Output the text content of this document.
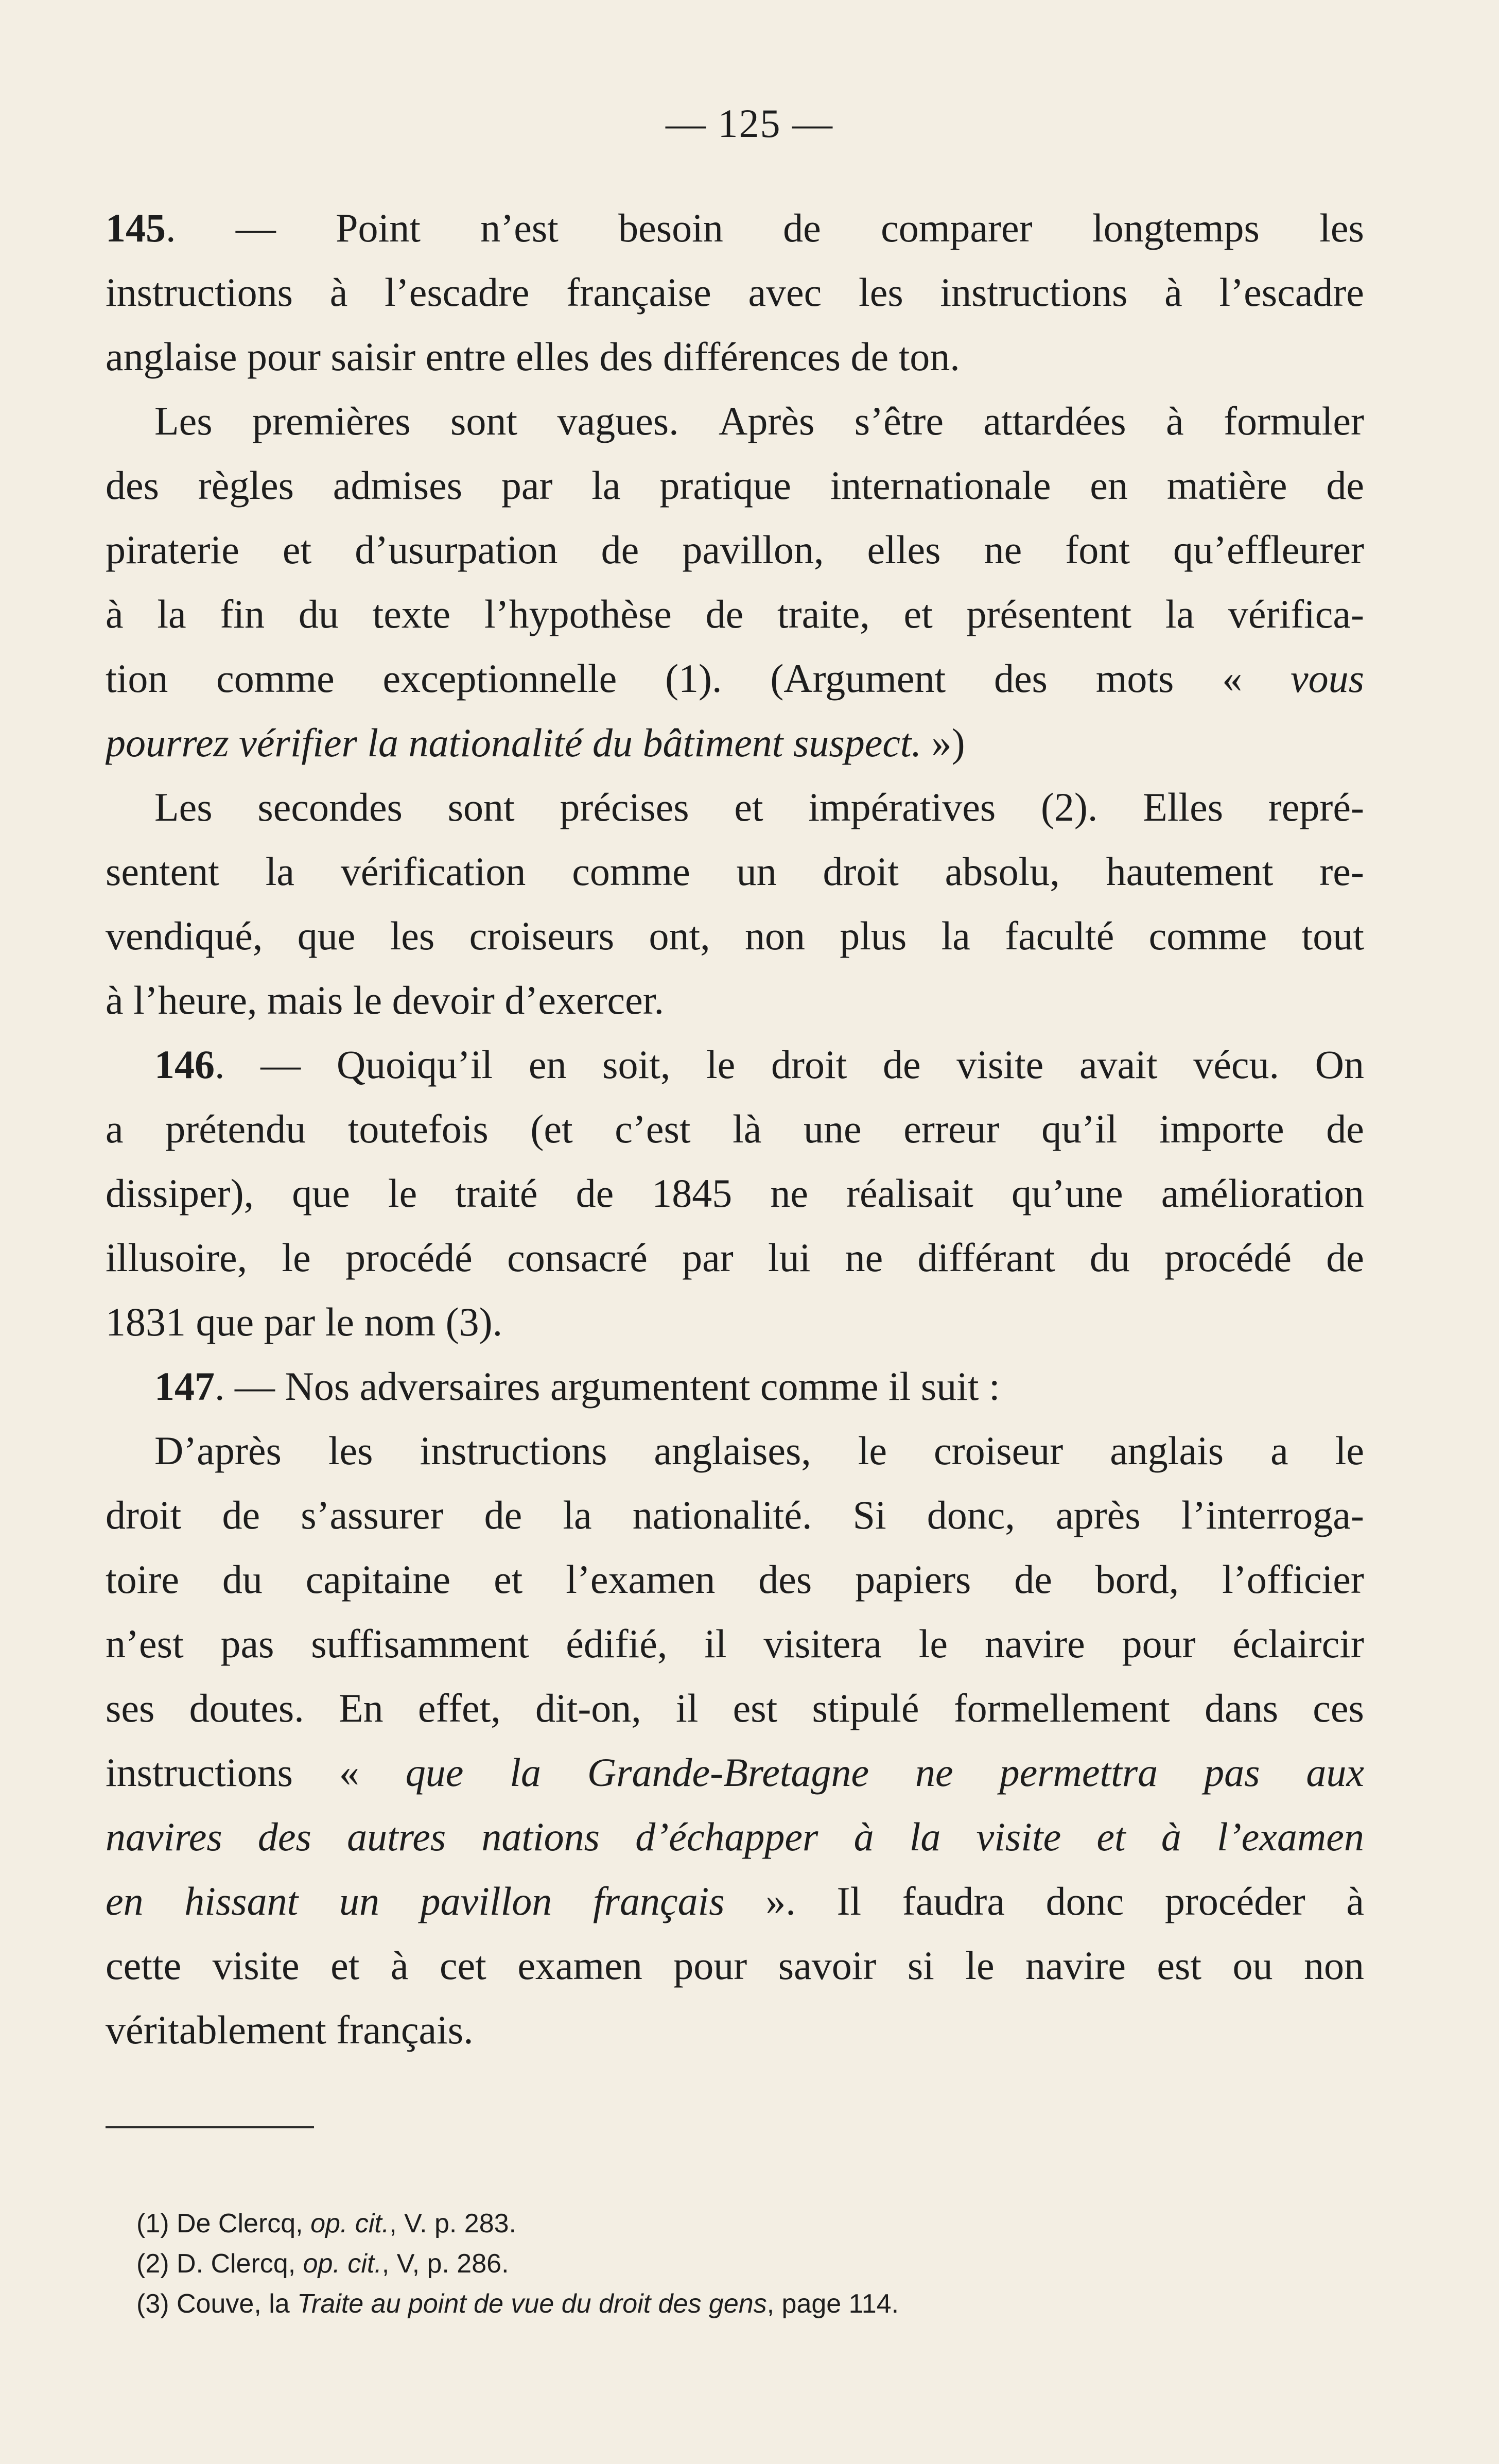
— 125 —
145. — Point n’est besoin de comparer longtemps les
instructions à l’escadre française avec les instructions à l’escadre
anglaise pour saisir entre elles des différences de ton.
Les premières sont vagues. Après s’être attardées à formuler
des règles admises par la pratique internationale en matière de
piraterie et d’usurpation de pavillon, elles ne font qu’effleurer
à la fin du texte l’hypothèse de traite, et présentent la vérifica-
tion comme exceptionnelle (1). (Argument des mots « vous
pourrez vérifier la nationalité du bâtiment suspect. »)
Les secondes sont précises et impératives (2). Elles repré-
sentent la vérification comme un droit absolu, hautement re-
vendiqué, que les croiseurs ont, non plus la faculté comme tout
à l’heure, mais le devoir d’exercer.
146. — Quoiqu’il en soit, le droit de visite avait vécu. On
a prétendu toutefois (et c’est là une erreur qu’il importe de
dissiper), que le traité de 1845 ne réalisait qu’une amélioration
illusoire, le procédé consacré par lui ne différant du procédé de
1831 que par le nom (3).
147 . — Nos adversaires argumentent comme il suit :
D’après les instructions anglaises, le croiseur anglais a le
droit de s’assurer de la nationalité. Si donc, après l’interroga-
toire du capitaine et l’examen des papiers de bord, l’officier
n’est pas suffisamment édifié, il visitera le navire pour éclaircir
ses doutes. En effet, dit-on, il est stipulé formellement dans ces
instructions « que la Grande-Bretagne ne permettra pas aux
navires des autres nations d’échapper à la visite et à l’examen
en hissant un pavillon français ». Il faudra donc procéder à
cette visite et à cet examen pour savoir si le navire est ou non
véritablement français.
(1) De Clercq, op. cit., V. p. 283.
(2) D. Clercq, op. cit., V, p. 286.
(3) Couve, la Traite au point de vue du droit des gens, page 114.
